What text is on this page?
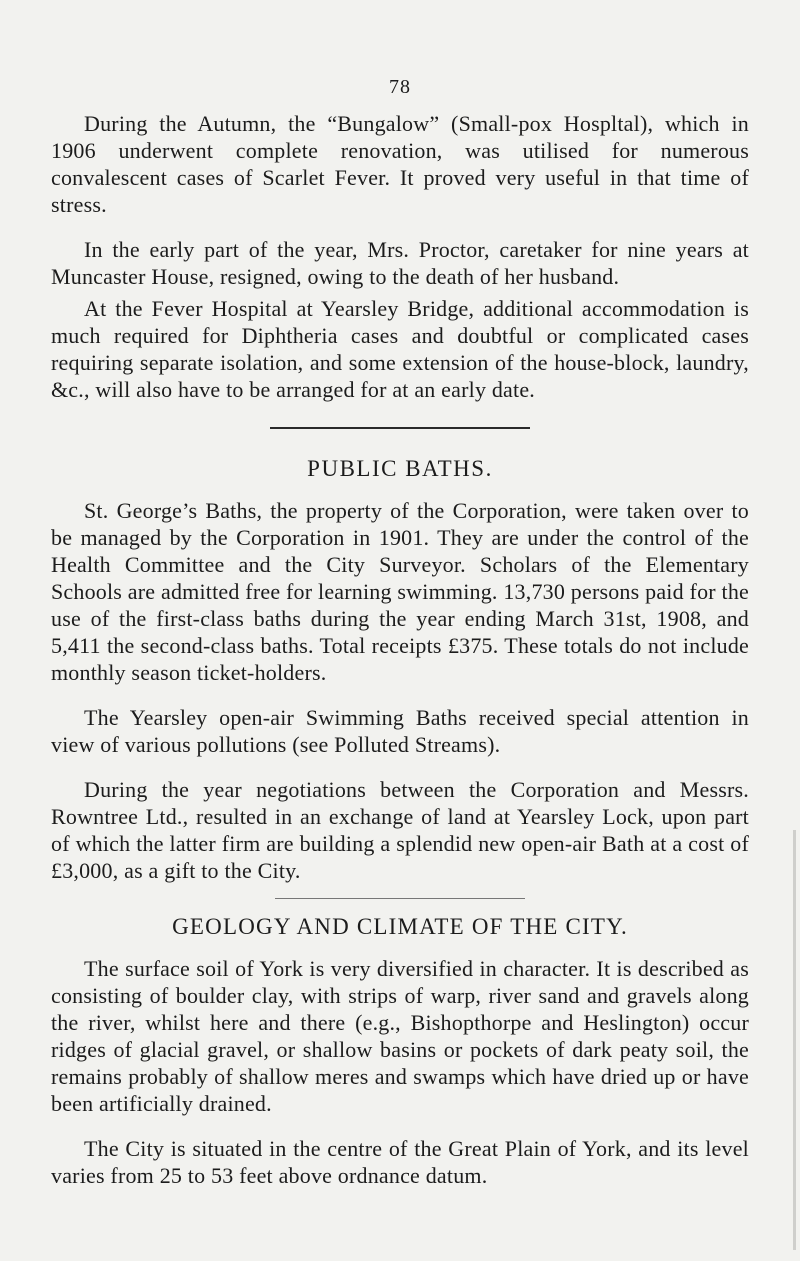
78

During the Autumn, the “Bungalow” (Small-pox Hospltal), which in 1906 underwent complete renovation, was utilised for numerous convalescent cases of Scarlet Fever. It proved very useful in that time of stress.

In the early part of the year, Mrs. Proctor, caretaker for nine years at Muncaster House, resigned, owing to the death of her husband.

At the Fever Hospital at Yearsley Bridge, additional accommodation is much required for Diphtheria cases and doubtful or complicated cases requiring separate isolation, and some extension of the house-block, laundry, &c., will also have to be arranged for at an early date.

PUBLIC BATHS.

St. George’s Baths, the property of the Corporation, were taken over to be managed by the Corporation in 1901. They are under the control of the Health Committee and the City Surveyor. Scholars of the Elementary Schools are admitted free for learning swimming. 13,730 persons paid for the use of the first-class baths during the year ending March 31st, 1908, and 5,411 the second-class baths. Total receipts £375. These totals do not include monthly season ticket-holders.

The Yearsley open-air Swimming Baths received special attention in view of various pollutions (see Polluted Streams).

During the year negotiations between the Corporation and Messrs. Rowntree Ltd., resulted in an exchange of land at Yearsley Lock, upon part of which the latter firm are building a splendid new open-air Bath at a cost of £3,000, as a gift to the City.

GEOLOGY AND CLIMATE OF THE CITY.

The surface soil of York is very diversified in character. It is described as consisting of boulder clay, with strips of warp, river sand and gravels along the river, whilst here and there (e.g., Bishopthorpe and Heslington) occur ridges of glacial gravel, or shallow basins or pockets of dark peaty soil, the remains probably of shallow meres and swamps which have dried up or have been artificially drained.

The City is situated in the centre of the Great Plain of York, and its level varies from 25 to 53 feet above ordnance datum.
